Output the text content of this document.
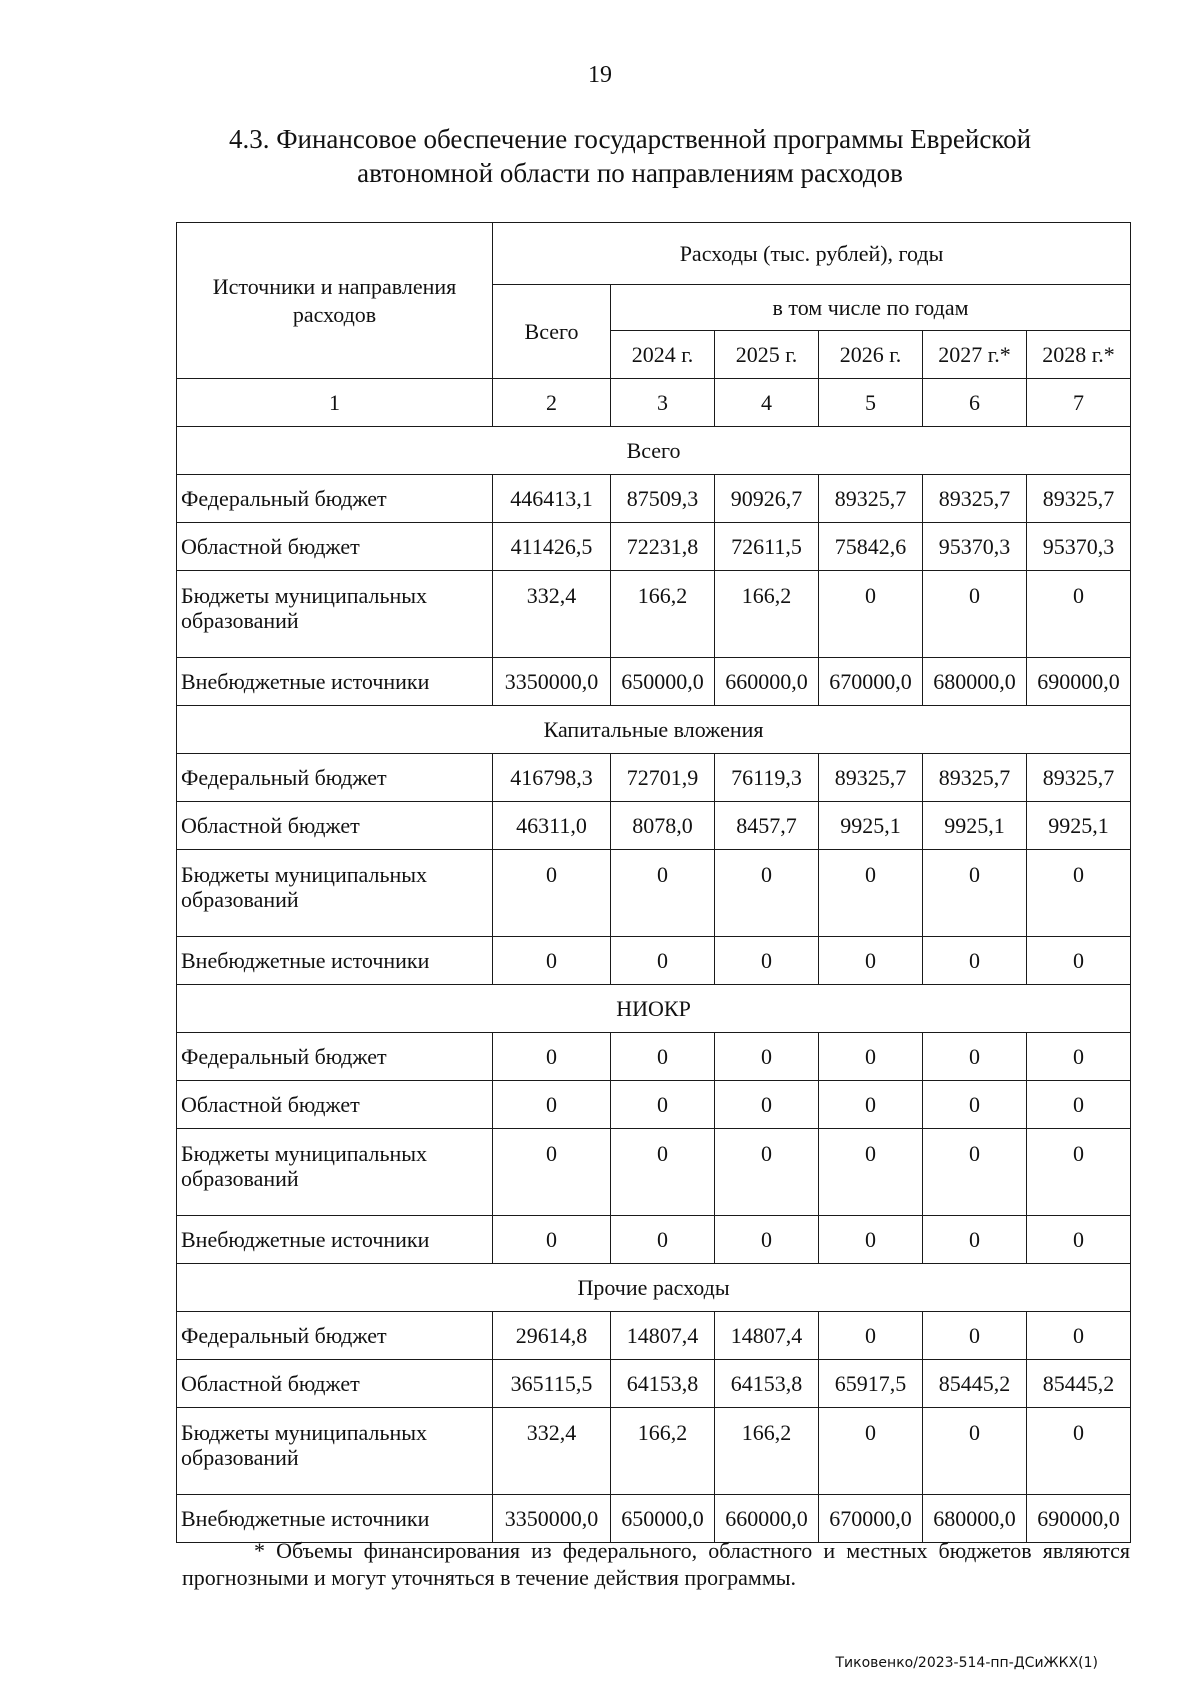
19
4.3. Финансовое обеспечение государственной программы Еврейской
автономной области по направлениям расходов
Источники и направления расходов	Расходы (тыс. рублей), годы					
	Всего	в том числе по годам				
		2024 г.	2025 г.	2026 г.	2027 г.*	2028 г.*
1	2	3	4	5	6	7
Всего						
Федеральный бюджет	446413,1	87509,3	90926,7	89325,7	89325,7	89325,7
Областной бюджет	411426,5	72231,8	72611,5	75842,6	95370,3	95370,3
Бюджеты муниципальных образований	332,4	166,2	166,2	0	0	0
Внебюджетные источники	3350000,0	650000,0	660000,0	670000,0	680000,0	690000,0
Капитальные вложения						
Федеральный бюджет	416798,3	72701,9	76119,3	89325,7	89325,7	89325,7
Областной бюджет	46311,0	8078,0	8457,7	9925,1	9925,1	9925,1
Бюджеты муниципальных образований	0	0	0	0	0	0
Внебюджетные источники	0	0	0	0	0	0
НИОКР						
Федеральный бюджет	0	0	0	0	0	0
Областной бюджет	0	0	0	0	0	0
Бюджеты муниципальных образований	0	0	0	0	0	0
Внебюджетные источники	0	0	0	0	0	0
Прочие расходы						
Федеральный бюджет	29614,8	14807,4	14807,4	0	0	0
Областной бюджет	365115,5	64153,8	64153,8	65917,5	85445,2	85445,2
Бюджеты муниципальных образований	332,4	166,2	166,2	0	0	0
Внебюджетные источники	3350000,0	650000,0	660000,0	670000,0	680000,0	690000,0
* Объемы финансирования из федерального, областного и местных бюджетов являются прогнозными и могут уточняться в течение действия программы.
Тиковенко/2023-514-пп-ДСиЖКХ(1)
